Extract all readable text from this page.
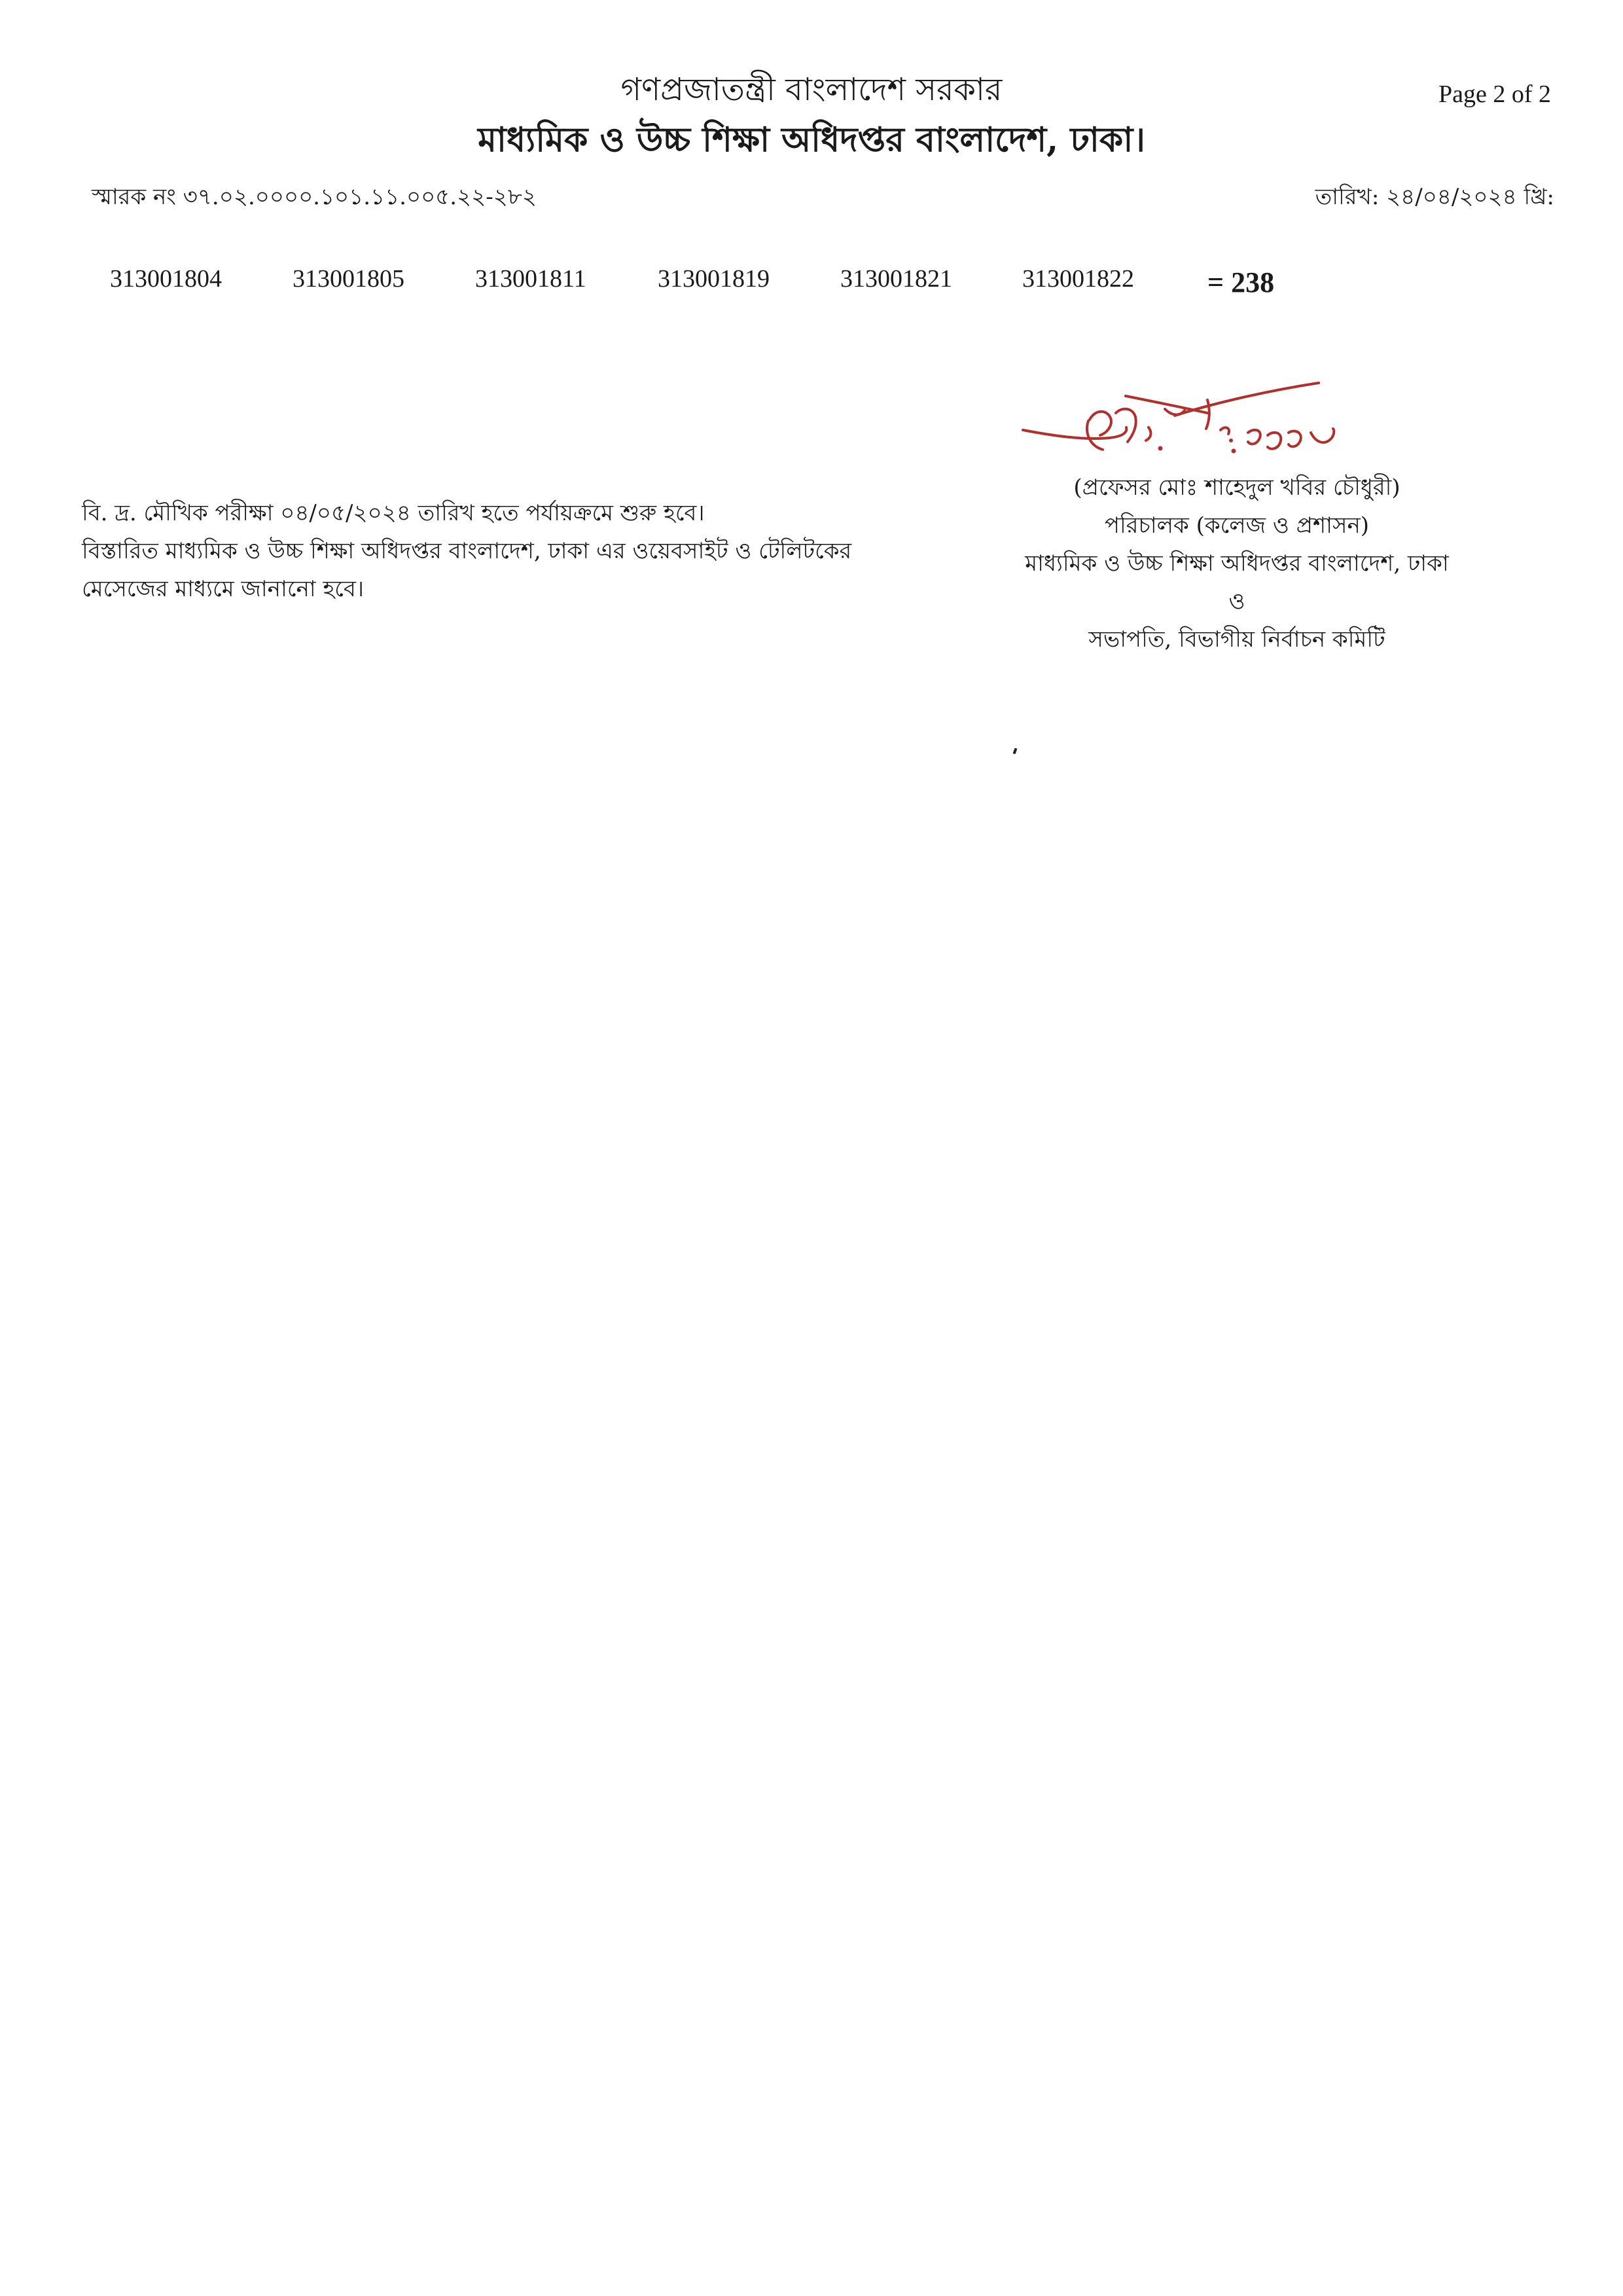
গণপ্রজাতন্ত্রী বাংলাদেশ সরকার
মাধ্যমিক ও উচ্চ শিক্ষা অধিদপ্তর বাংলাদেশ, ঢাকা।
Page 2 of 2
স্মারক নং ৩৭.০২.০০০০.১০১.১১.০০৫.২২-২৮২	তারিখ: ২৪/০৪/২০২৪ খ্রি:
313001804	313001805	313001811	313001819	313001821	313001822	= 238
বি. দ্র. মৌখিক পরীক্ষা ০৪/০৫/২০২৪ তারিখ হতে পর্যায়ক্রমে শুরু হবে।
বিস্তারিত মাধ্যমিক ও উচ্চ শিক্ষা অধিদপ্তর বাংলাদেশ, ঢাকা এর ওয়েবসাইট ও টেলিটকের
মেসেজের মাধ্যমে জানানো হবে।
(প্রফেসর মোঃ শাহেদুল খবির চৌধুরী)
পরিচালক (কলেজ ও প্রশাসন)
মাধ্যমিক ও উচ্চ শিক্ষা অধিদপ্তর বাংলাদেশ, ঢাকা
ও
সভাপতি, বিভাগীয় নির্বাচন কমিটি
